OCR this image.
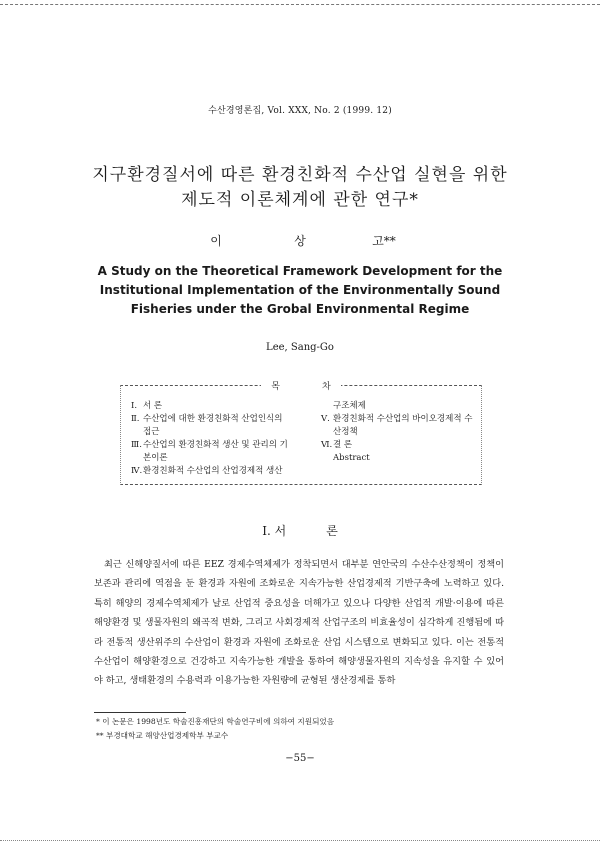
수산경영론집, Vol. XXX, No. 2 (1999. 12)
지구환경질서에 따른 환경친화적 수산업 실현을 위한
제도적 이론체계에 관한 연구*
이	상	고**
A Study on the Theoretical Framework Development for the
Institutional Implementation of the Environmentally Sound
Fisheries under the Grobal Environmental Regime
Lee, Sang-Go
목	차
Ⅰ. 서 론
Ⅱ. 수산업에 대한 환경친화적 산업인식의
접근
Ⅲ.수산업의 환경친화적 생산 및 관리의 기
본이론
Ⅳ.환경친화적 수산업의 산업경제적 생산
구조체제
Ⅴ. 환경친화적 수산업의 바이오경제적 수
산정책
Ⅵ.결 론
Abstract
Ⅰ. 서	론

최근 신해양질서에 따른 EEZ 경제수역체제가 정착되면서 대부분 연안국의 수산수산정책이 정책이 보존과 관리에 역점을 둔 환경과 자원에 조화로운 지속가능한 산업경제적 기반구축에 노력하고 있다. 특히 해양의 경제수역체제가 날로 산업적 중요성을 더해가고 있으나 다양한 산업적 개발·이용에 따른 해양환경 및 생물자원의 왜곡적 변화, 그리고 사회경제적 산업구조의 비효율성이 심각하게 진행됨에 따라 전통적 생산위주의 수산업이 환경과 자원에 조화로운 산업 시스템으로 변화되고 있다. 이는 전통적 수산업이 해양환경으로 건강하고 지속가능한 개발을 통하여 해양생물자원의 지속성을 유지할 수 있어야 하고, 생태환경의 수용력과 이용가능한 자원량에 균형된 생산경제를 통하

* 이 논문은 1998년도 학술진흥재단의 학술연구비에 의하여 지원되었음
** 부경대학교 해양산업경제학부 부교수
−55−
